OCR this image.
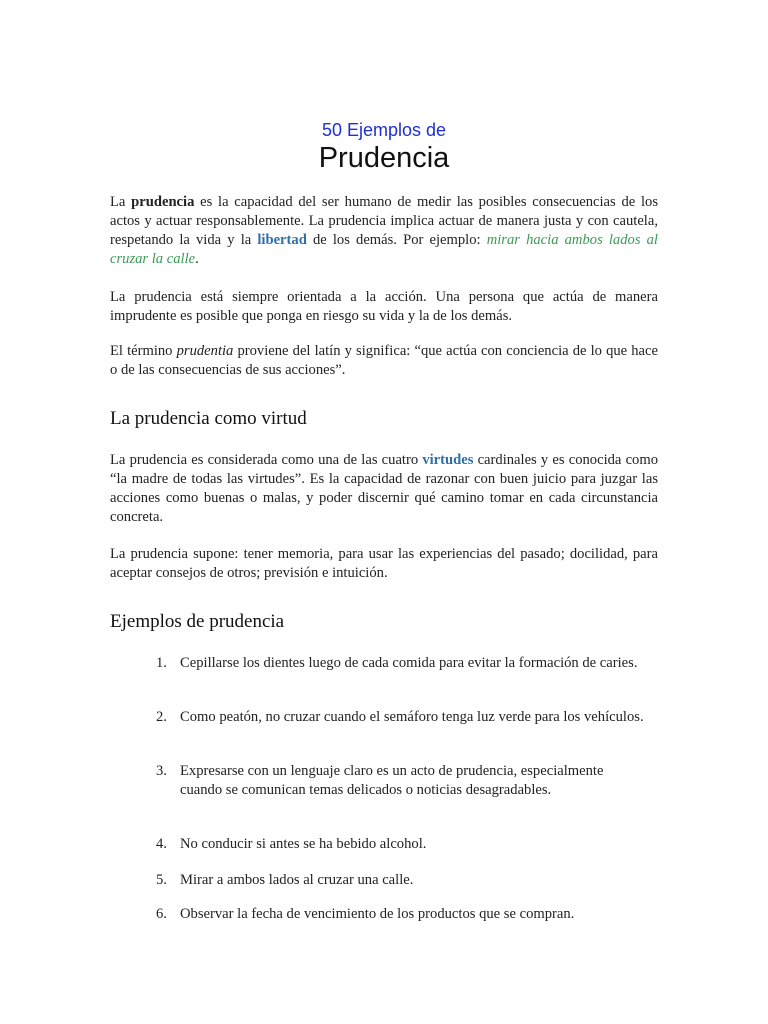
50 Ejemplos de

Prudencia

La prudencia es la capacidad del ser humano de medir las posibles consecuencias de los actos y actuar responsablemente. La prudencia implica actuar de manera justa y con cautela, respetando la vida y la libertad de los demás. Por ejemplo: mirar hacia ambos lados al cruzar la calle.

La prudencia está siempre orientada a la acción. Una persona que actúa de manera imprudente es posible que ponga en riesgo su vida y la de los demás.

El término prudentia proviene del latín y significa: “que actúa con conciencia de lo que hace o de las consecuencias de sus acciones”.

La prudencia como virtud

La prudencia es considerada como una de las cuatro virtudes cardinales y es conocida como “la madre de todas las virtudes”. Es la capacidad de razonar con buen juicio para juzgar las acciones como buenas o malas, y poder discernir qué camino tomar en cada circunstancia concreta.

La prudencia supone: tener memoria, para usar las experiencias del pasado; docilidad, para aceptar consejos de otros; previsión e intuición.

Ejemplos de prudencia
1. Cepillarse los dientes luego de cada comida para evitar la formación de caries.
2. Como peatón, no cruzar cuando el semáforo tenga luz verde para los vehículos.
3. Expresarse con un lenguaje claro es un acto de prudencia, especialmente cuando se comunican temas delicados o noticias desagradables.
4. No conducir si antes se ha bebido alcohol.
5. Mirar a ambos lados al cruzar una calle.
6. Observar la fecha de vencimiento de los productos que se compran.
